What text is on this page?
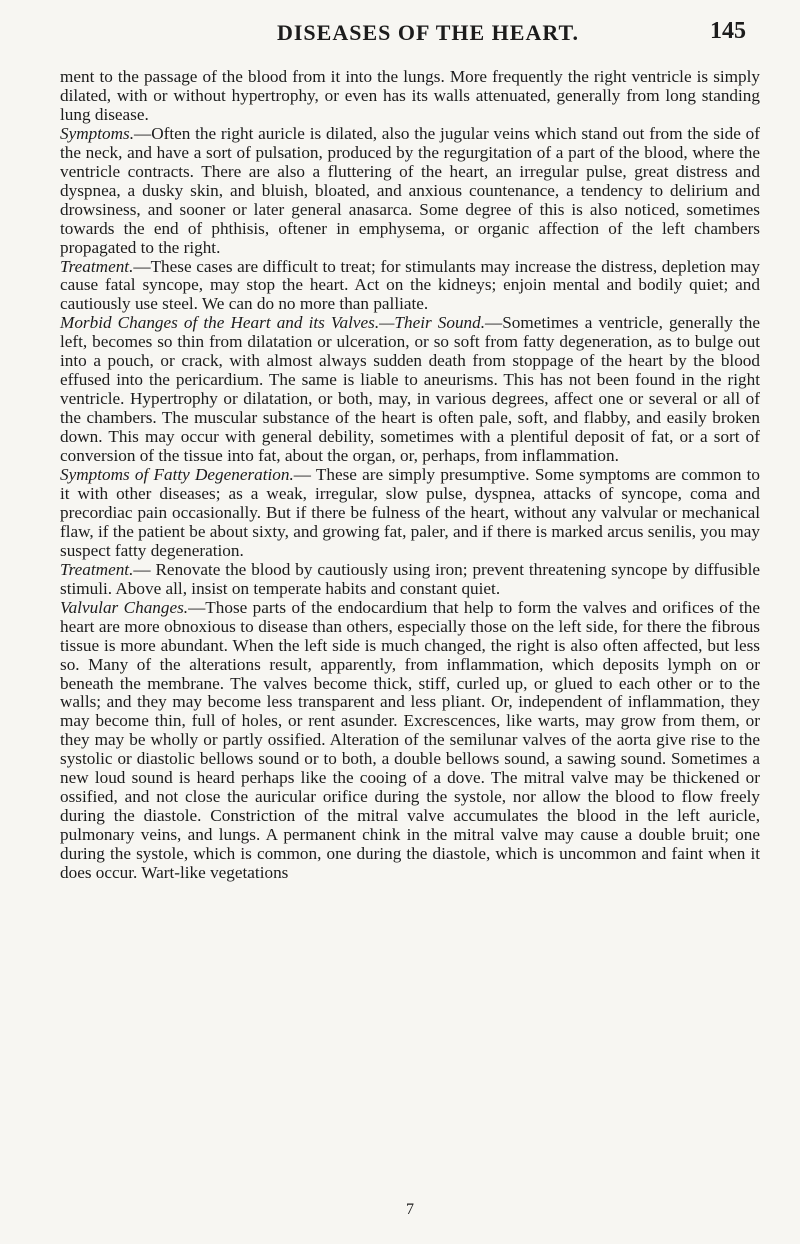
DISEASES OF THE HEART.	145

ment to the passage of the blood from it into the lungs. More frequently the right ventricle is simply dilated, with or without hypertrophy, or even has its walls attenuated, generally from long standing lung disease.

Symptoms.—Often the right auricle is dilated, also the jugular veins which stand out from the side of the neck, and have a sort of pulsation, produced by the regurgitation of a part of the blood, where the ventricle contracts. There are also a fluttering of the heart, an irregular pulse, great distress and dyspnea, a dusky skin, and bluish, bloated, and anxious countenance, a tendency to delirium and drowsiness, and sooner or later general anasarca. Some degree of this is also noticed, sometimes towards the end of phthisis, oftener in emphysema, or organic affection of the left chambers propagated to the right.

Treatment.—These cases are difficult to treat; for stimulants may increase the distress, depletion may cause fatal syncope, may stop the heart. Act on the kidneys; enjoin mental and bodily quiet; and cautiously use steel. We can do no more than palliate.

Morbid Changes of the Heart and its Valves.—Their Sound.—Sometimes a ventricle, generally the left, becomes so thin from dilatation or ulceration, or so soft from fatty degeneration, as to bulge out into a pouch, or crack, with almost always sudden death from stoppage of the heart by the blood effused into the pericardium. The same is liable to aneurisms. This has not been found in the right ventricle. Hypertrophy or dilatation, or both, may, in various degrees, affect one or several or all of the chambers. The muscular substance of the heart is often pale, soft, and flabby, and easily broken down. This may occur with general debility, sometimes with a plentiful deposit of fat, or a sort of conversion of the tissue into fat, about the organ, or, perhaps, from inflammation.

Symptoms of Fatty Degeneration.— These are simply presumptive. Some symptoms are common to it with other diseases; as a weak, irregular, slow pulse, dyspnea, attacks of syncope, coma and precordiac pain occasionally. But if there be fulness of the heart, without any valvular or mechanical flaw, if the patient be about sixty, and growing fat, paler, and if there is marked arcus senilis, you may suspect fatty degeneration.

Treatment.— Renovate the blood by cautiously using iron; prevent threatening syncope by diffusible stimuli. Above all, insist on temperate habits and constant quiet.

Valvular Changes.—Those parts of the endocardium that help to form the valves and orifices of the heart are more obnoxious to disease than others, especially those on the left side, for there the fibrous tissue is more abundant. When the left side is much changed, the right is also often affected, but less so. Many of the alterations result, apparently, from inflammation, which deposits lymph on or beneath the membrane. The valves become thick, stiff, curled up, or glued to each other or to the walls; and they may become less transparent and less pliant. Or, independent of inflammation, they may become thin, full of holes, or rent asunder. Excrescences, like warts, may grow from them, or they may be wholly or partly ossified. Alteration of the semilunar valves of the aorta give rise to the systolic or diastolic bellows sound or to both, a double bellows sound, a sawing sound. Sometimes a new loud sound is heard perhaps like the cooing of a dove. The mitral valve may be thickened or ossified, and not close the auricular orifice during the systole, nor allow the blood to flow freely during the diastole. Constriction of the mitral valve accumulates the blood in the left auricle, pulmonary veins, and lungs. A permanent chink in the mitral valve may cause a double bruit; one during the systole, which is common, one during the diastole, which is uncommon and faint when it does occur. Wart-like vegetations

7
